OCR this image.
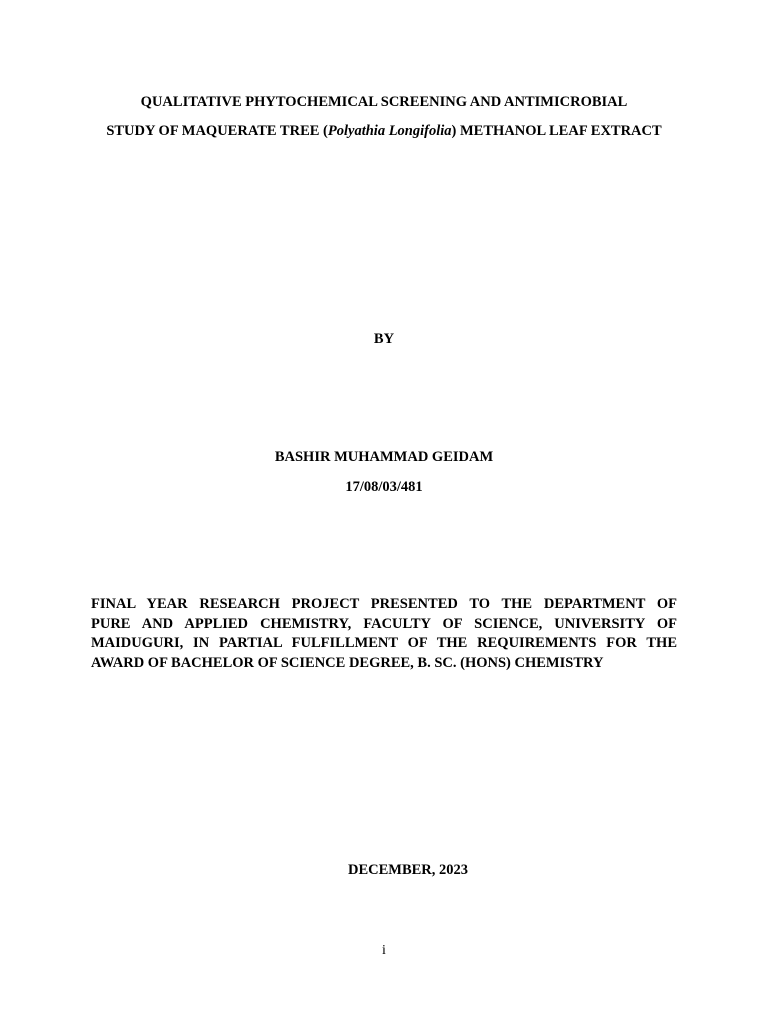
QUALITATIVE PHYTOCHEMICAL SCREENING AND ANTIMICROBIAL
STUDY OF MAQUERATE TREE (Polyathia Longifolia) METHANOL LEAF EXTRACT
BY
BASHIR MUHAMMAD GEIDAM
17/08/03/481
FINAL YEAR RESEARCH PROJECT PRESENTED TO THE DEPARTMENT OF
PURE AND APPLIED CHEMISTRY, FACULTY OF SCIENCE, UNIVERSITY OF
MAIDUGURI, IN PARTIAL FULFILLMENT OF THE REQUIREMENTS FOR THE
AWARD OF BACHELOR OF SCIENCE DEGREE, B. SC. (HONS) CHEMISTRY
DECEMBER, 2023
i
